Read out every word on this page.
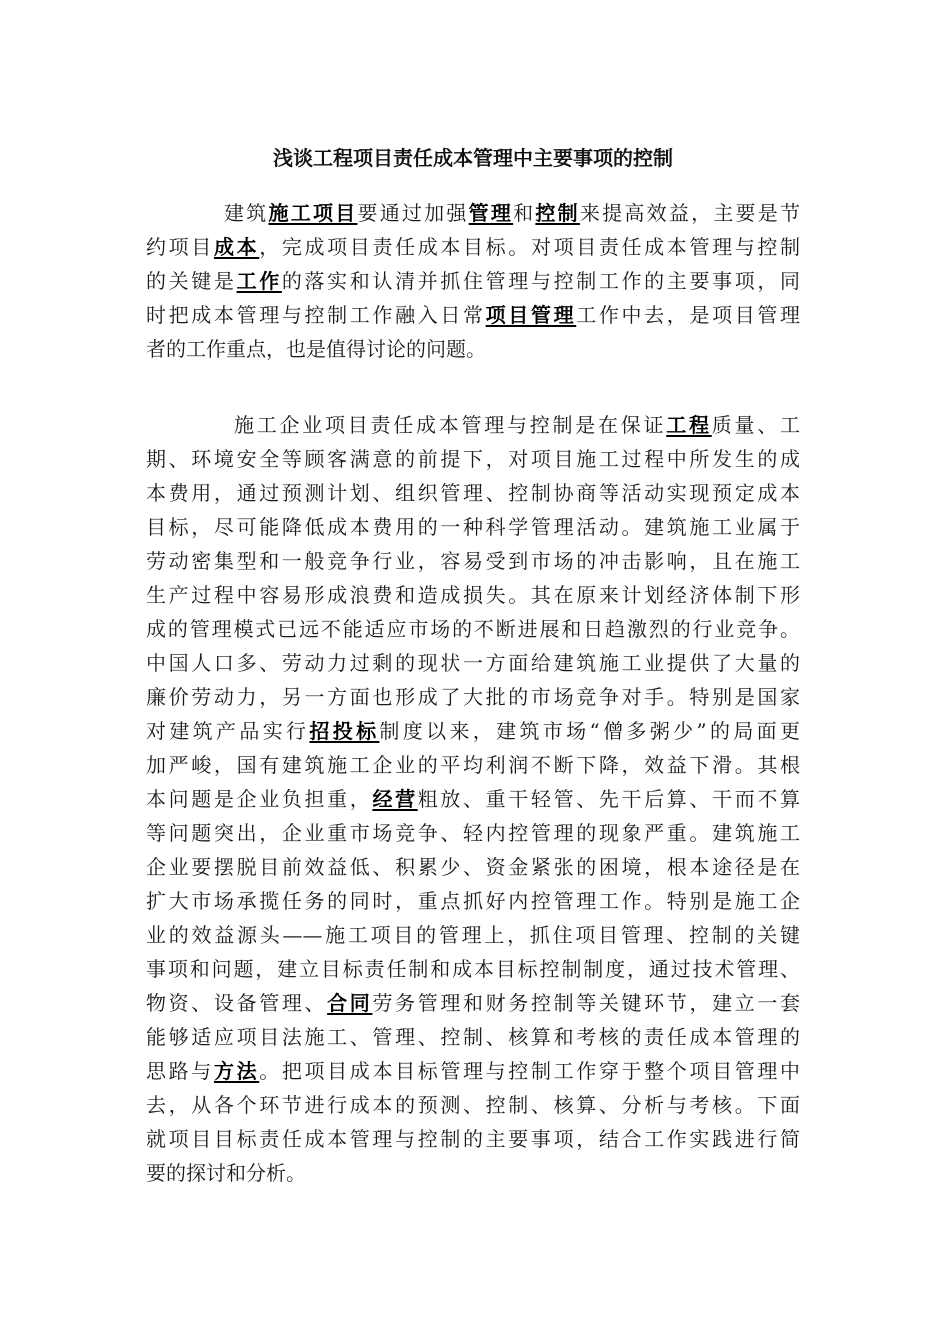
浅谈工程项目责任成本管理中主要事项的控制
建筑施工项目要通过加强管理和控制来提高效益，主要是节
约项目成本，完成项目责任成本目标。对项目责任成本管理与控制
的关键是工作的落实和认清并抓住管理与控制工作的主要事项，同
时把成本管理与控制工作融入日常项目管理工作中去，是项目管理
者的工作重点，也是值得讨论的问题。
施工企业项目责任成本管理与控制是在保证工程质量、工
期、环境安全等顾客满意的前提下，对项目施工过程中所发生的成
本费用，通过预测计划、组织管理、控制协商等活动实现预定成本
目标，尽可能降低成本费用的一种科学管理活动。建筑施工业属于
劳动密集型和一般竞争行业，容易受到市场的冲击影响，且在施工
生产过程中容易形成浪费和造成损失。其在原来计划经济体制下形
成的管理模式已远不能适应市场的不断进展和日趋激烈的行业竞争。
中国人口多、劳动力过剩的现状一方面给建筑施工业提供了大量的
廉价劳动力，另一方面也形成了大批的市场竞争对手。特别是国家
对建筑产品实行招投标制度以来，建筑市场“僧多粥少”的局面更
加严峻，国有建筑施工企业的平均利润不断下降，效益下滑。其根
本问题是企业负担重，经营粗放、重干轻管、先干后算、干而不算
等问题突出，企业重市场竞争、轻内控管理的现象严重。建筑施工
企业要摆脱目前效益低、积累少、资金紧张的困境，根本途径是在
扩大市场承揽任务的同时，重点抓好内控管理工作。特别是施工企
业的效益源头——施工项目的管理上，抓住项目管理、控制的关键
事项和问题，建立目标责任制和成本目标控制制度，通过技术管理、
物资、设备管理、合同劳务管理和财务控制等关键环节，建立一套
能够适应项目法施工、管理、控制、核算和考核的责任成本管理的
思路与方法。把项目成本目标管理与控制工作穿于整个项目管理中
去，从各个环节进行成本的预测、控制、核算、分析与考核。下面
就项目目标责任成本管理与控制的主要事项，结合工作实践进行简
要的探讨和分析。
